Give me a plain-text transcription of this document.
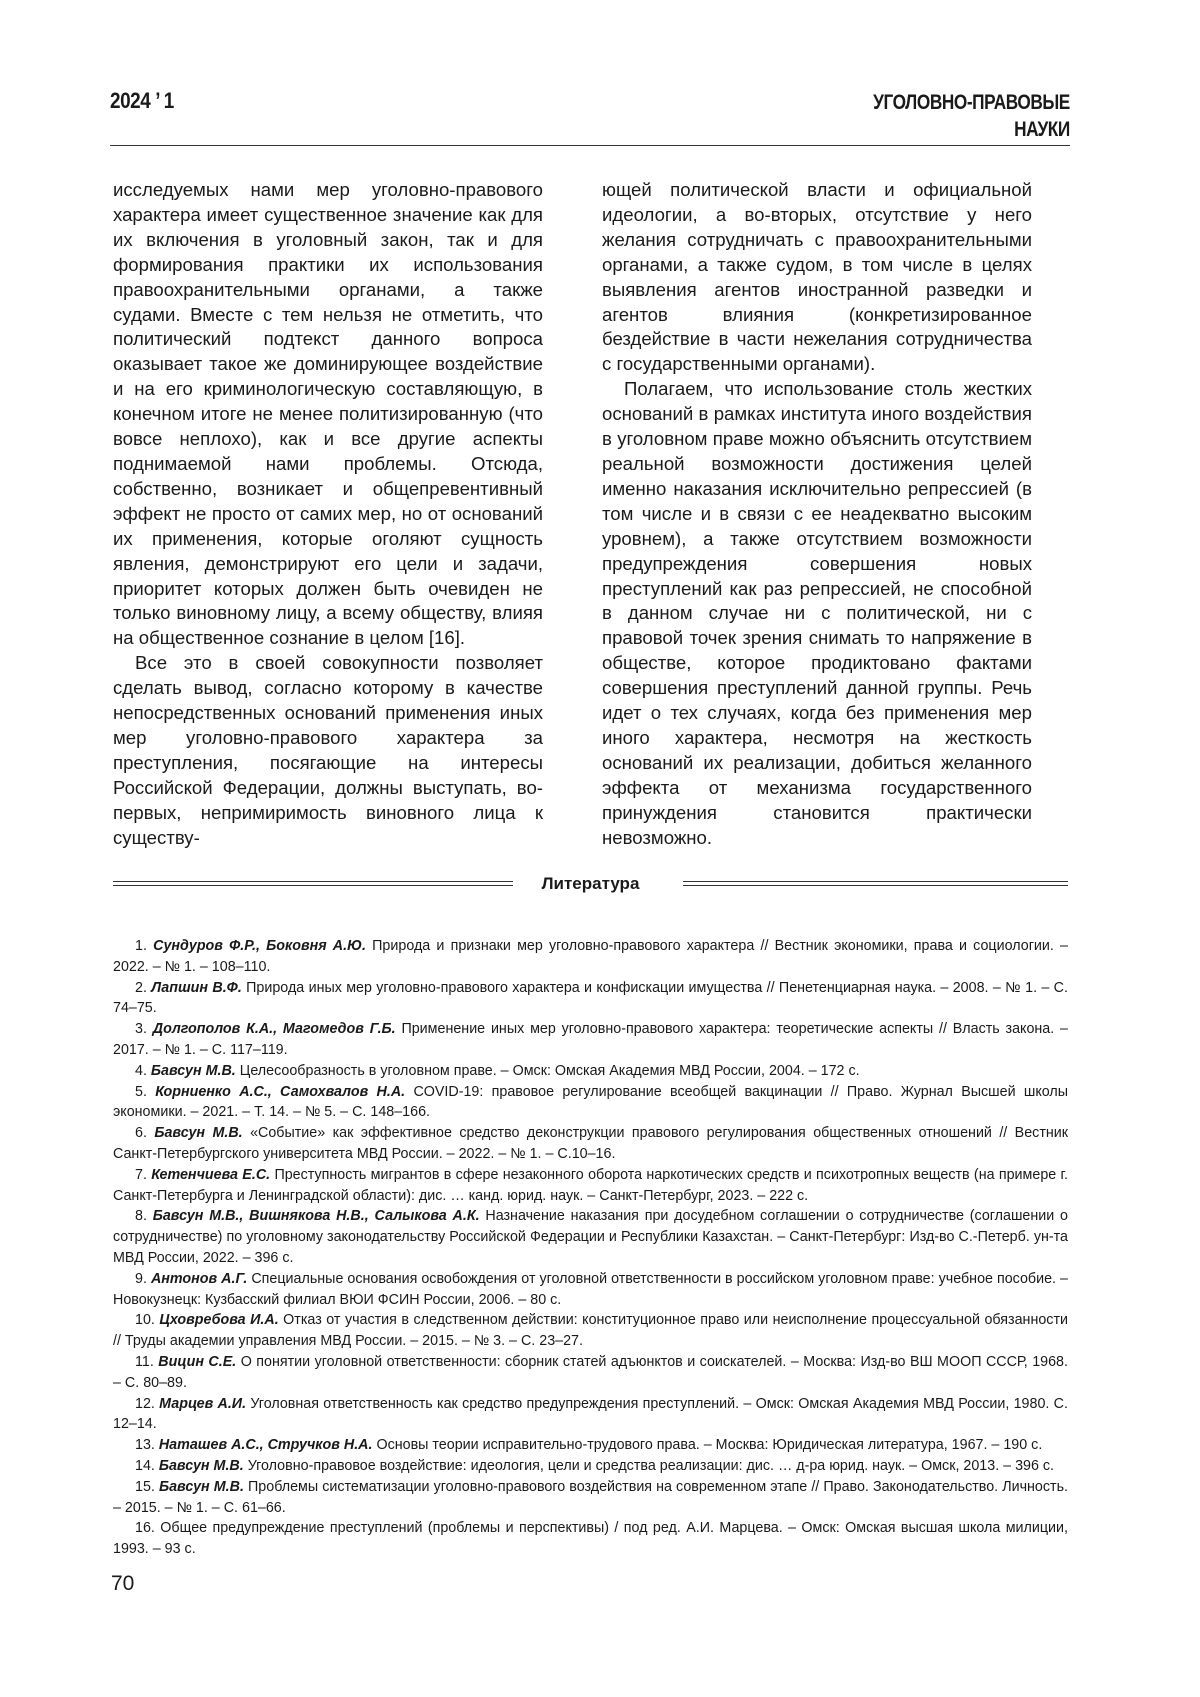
2024 ’ 1	УГОЛОВНО-ПРАВОВЫЕ
НАУКИ

исследуемых нами мер уголовно-правового характера имеет существенное значение как для их включения в уголовный закон, так и для формирования практики их использования правоохранительными органами, а также судами. Вместе с тем нельзя не отметить, что политический подтекст данного вопроса оказывает такое же доминирующее воздействие и на его криминологическую составляющую, в конечном итоге не менее политизированную (что вовсе неплохо), как и все другие аспекты поднимаемой нами проблемы. Отсюда, собственно, возникает и общепревентивный эффект не просто от самих мер, но от оснований их применения, которые оголяют сущность явления, демонстрируют его цели и задачи, приоритет которых должен быть очевиден не только виновному лицу, а всему обществу, влияя на общественное сознание в целом [16].

Все это в своей совокупности позволяет сделать вывод, согласно которому в качестве непосредственных оснований применения иных мер уголовно-правового характера за преступления, посягающие на интересы Российской Федерации, должны выступать, во-первых, непримиримость виновного лица к существу-

ющей политической власти и официальной идеологии, а во-вторых, отсутствие у него желания сотрудничать с правоохранительными органами, а также судом, в том числе в целях выявления агентов иностранной разведки и агентов влияния (конкретизированное бездействие в части нежелания сотрудничества с государственными органами).

Полагаем, что использование столь жестких оснований в рамках института иного воздействия в уголовном праве можно объяснить отсутствием реальной возможности достижения целей именно наказания исключительно репрессией (в том числе и в связи с ее неадекватно высоким уровнем), а также отсутствием возможности предупреждения совершения новых преступлений как раз репрессией, не способной в данном случае ни с политической, ни с правовой точек зрения снимать то напряжение в обществе, которое продиктовано фактами совершения преступлений данной группы. Речь идет о тех случаях, когда без применения мер иного характера, несмотря на жесткость оснований их реализации, добиться желанного эффекта от механизма государственного принуждения становится практически невозможно.

Литература

1. Сундуров Ф.Р., Боковня А.Ю. Природа и признаки мер уголовно-правового характера // Вестник экономики, права и социологии. – 2022. – № 1. – 108–110.

2. Лапшин В.Ф. Природа иных мер уголовно-правового характера и конфискации имущества // Пенетенциарная наука. – 2008. – № 1. – С. 74–75.

3. Долгополов К.А., Магомедов Г.Б. Применение иных мер уголовно-правового характера: теоретические аспекты // Власть закона. – 2017. – № 1. – С. 117–119.

4. Бавсун М.В. Целесообразность в уголовном праве. – Омск: Омская Академия МВД России, 2004. – 172 с.

5. Корниенко А.С., Самохвалов Н.А. COVID-19: правовое регулирование всеобщей вакцинации // Право. Журнал Высшей школы экономики. – 2021. – Т. 14. – № 5. – С. 148–166.

6. Бавсун М.В. «Событие» как эффективное средство деконструкции правового регулирования общественных отношений // Вестник Санкт-Петербургского университета МВД России. – 2022. – № 1. – С.10–16.

7. Кетенчиева Е.С. Преступность мигрантов в сфере незаконного оборота наркотических средств и психотропных веществ (на примере г. Санкт-Петербурга и Ленинградской области): дис. … канд. юрид. наук. – Санкт-Петербург, 2023. – 222 с.

8. Бавсун М.В., Вишнякова Н.В., Салыкова А.К. Назначение наказания при досудебном соглашении о сотрудничестве (соглашении о сотрудничестве) по уголовному законодательству Российской Федерации и Республики Казахстан. – Санкт-Петербург: Изд-во С.-Петерб. ун-та МВД России, 2022. – 396 с.

9. Антонов А.Г. Специальные основания освобождения от уголовной ответственности в российском уголовном праве: учебное пособие. – Новокузнецк: Кузбасский филиал ВЮИ ФСИН России, 2006. – 80 с.

10. Цховребова И.А. Отказ от участия в следственном действии: конституционное право или неисполнение процессуальной обязанности // Труды академии управления МВД России. – 2015. – № 3. – С. 23–27.

11. Вицин С.Е. О понятии уголовной ответственности: сборник статей адъюнктов и соискателей. – Москва: Изд-во ВШ МООП СССР, 1968. – С. 80–89.

12. Марцев А.И. Уголовная ответственность как средство предупреждения преступлений. – Омск: Омская Академия МВД России, 1980. С. 12–14.

13. Наташев А.С., Стручков Н.А. Основы теории исправительно-трудового права. – Москва: Юридическая литература, 1967. – 190 с.

14. Бавсун М.В. Уголовно-правовое воздействие: идеология, цели и средства реализации: дис. … д-ра юрид. наук. – Омск, 2013. – 396 с.

15. Бавсун М.В. Проблемы систематизации уголовно-правового воздействия на современном этапе // Право. Законодательство. Личность. – 2015. – № 1. – С. 61–66.

16. Общее предупреждение преступлений (проблемы и перспективы) / под ред. А.И. Марцева. – Омск: Омская высшая школа милиции, 1993. – 93 с.

70
